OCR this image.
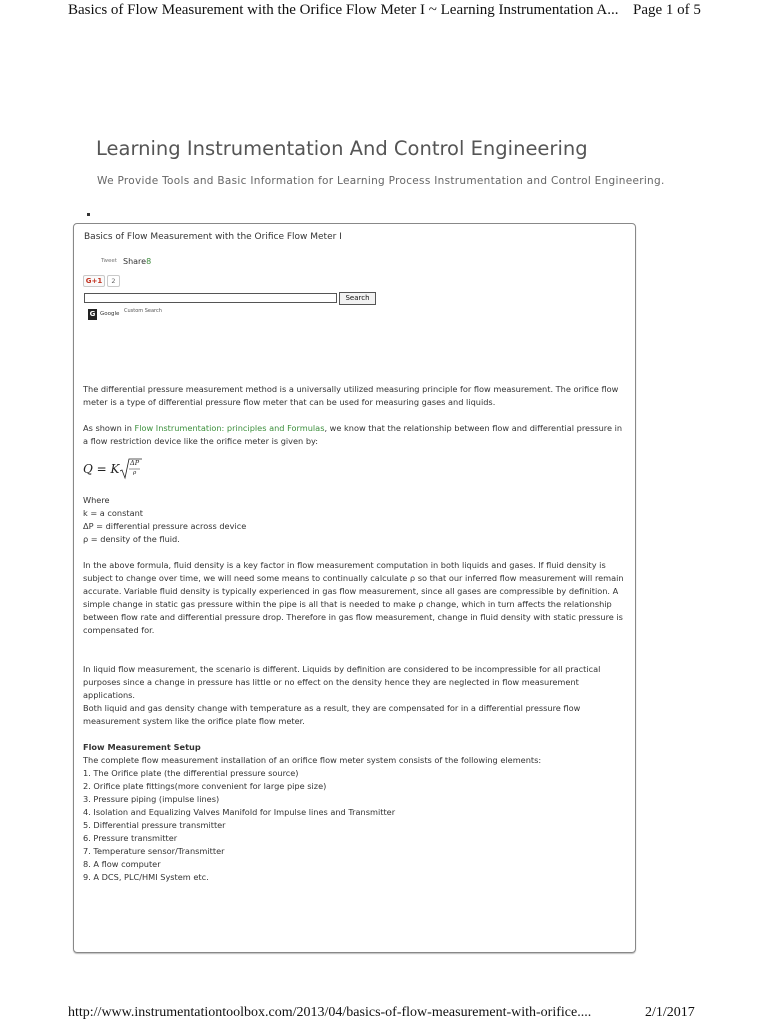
Basics of Flow Measurement with the Orifice Flow Meter I ~ Learning Instrumentation A... Page 1 of 5
Learning Instrumentation And Control Engineering
We Provide Tools and Basic Information for Learning Process Instrumentation and Control Engineering.
Basics of Flow Measurement with the Orifice Flow Meter I
Tweet Share8
G+1	2
Search
G Google Custom Search

The differential pressure measurement method is a universally utilized measuring principle for flow measurement. The orifice flow meter is a type of differential pressure flow meter that can be used for measuring gases and liquids.

As shown in Flow Instrumentation: principles and Formulas, we know that the relationship between flow and differential pressure in a flow restriction device like the orifice meter is given by:

Q = K ΔP
ρ
Where
k = a constant
ΔP = differential pressure across device
ρ = density of the fluid.

In the above formula, fluid density is a key factor in flow measurement computation in both liquids and gases. If fluid density is subject to change over time, we will need some means to continually calculate ρ so that our inferred flow measurement will remain accurate. Variable fluid density is typically experienced in gas flow measurement, since all gases are compressible by definition. A simple change in static gas pressure within the pipe is all that is needed to make ρ change, which in turn affects the relationship between flow rate and differential pressure drop. Therefore in gas flow measurement, change in fluid density with static pressure is compensated for.

In liquid flow measurement, the scenario is different. Liquids by definition are considered to be incompressible for all practical purposes since a change in pressure has little or no effect on the density hence they are neglected in flow measurement applications.

Both liquid and gas density change with temperature as a result, they are compensated for in a differential pressure flow measurement system like the orifice plate flow meter.

Flow Measurement Setup
The complete flow measurement installation of an orifice flow meter system consists of the following elements:
1. The Orifice plate (the differential pressure source)
2. Orifice plate fittings(more convenient for large pipe size)
3. Pressure piping (impulse lines)
4. Isolation and Equalizing Valves Manifold for Impulse lines and Transmitter
5. Differential pressure transmitter
6. Pressure transmitter
7. Temperature sensor/Transmitter
8. A flow computer
9. A DCS, PLC/HMI System etc.
http://www.instrumentationtoolbox.com/2013/04/basics-of-flow-measurement-with-orifice....	2/1/2017
